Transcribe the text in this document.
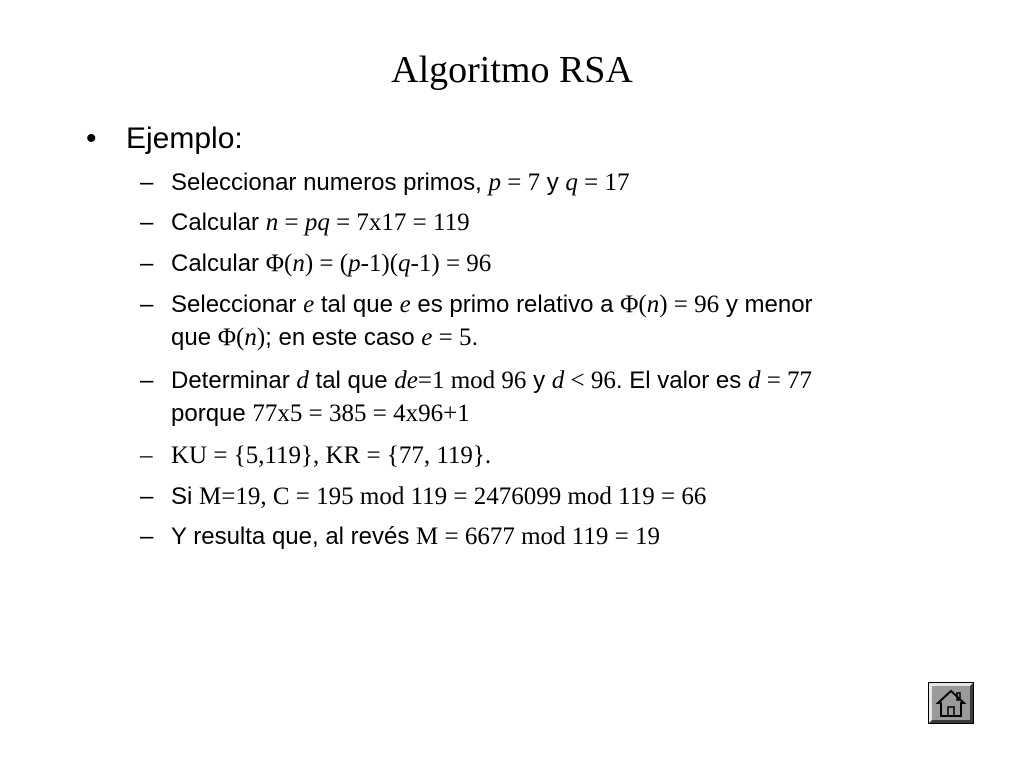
Algoritmo RSA
• Ejemplo:
– Seleccionar numeros primos, p = 7 y q = 17
– Calcular n = pq = 7x17 = 119
– Calcular Φ(n) = (p-1)(q-1) = 96
– Seleccionar e tal que e es primo relativo a Φ(n) = 96 y menor
que Φ(n); en este caso e = 5.
– Determinar d tal que de=1 mod 96 y d < 96. El valor es d = 77
porque 77x5 = 385 = 4x96+1
– KU = {5,119}, KR = {77, 119}.
– Si M=19, C = 195 mod 119 = 2476099 mod 119 = 66
– Y resulta que, al revés M = 6677 mod 119 = 19
